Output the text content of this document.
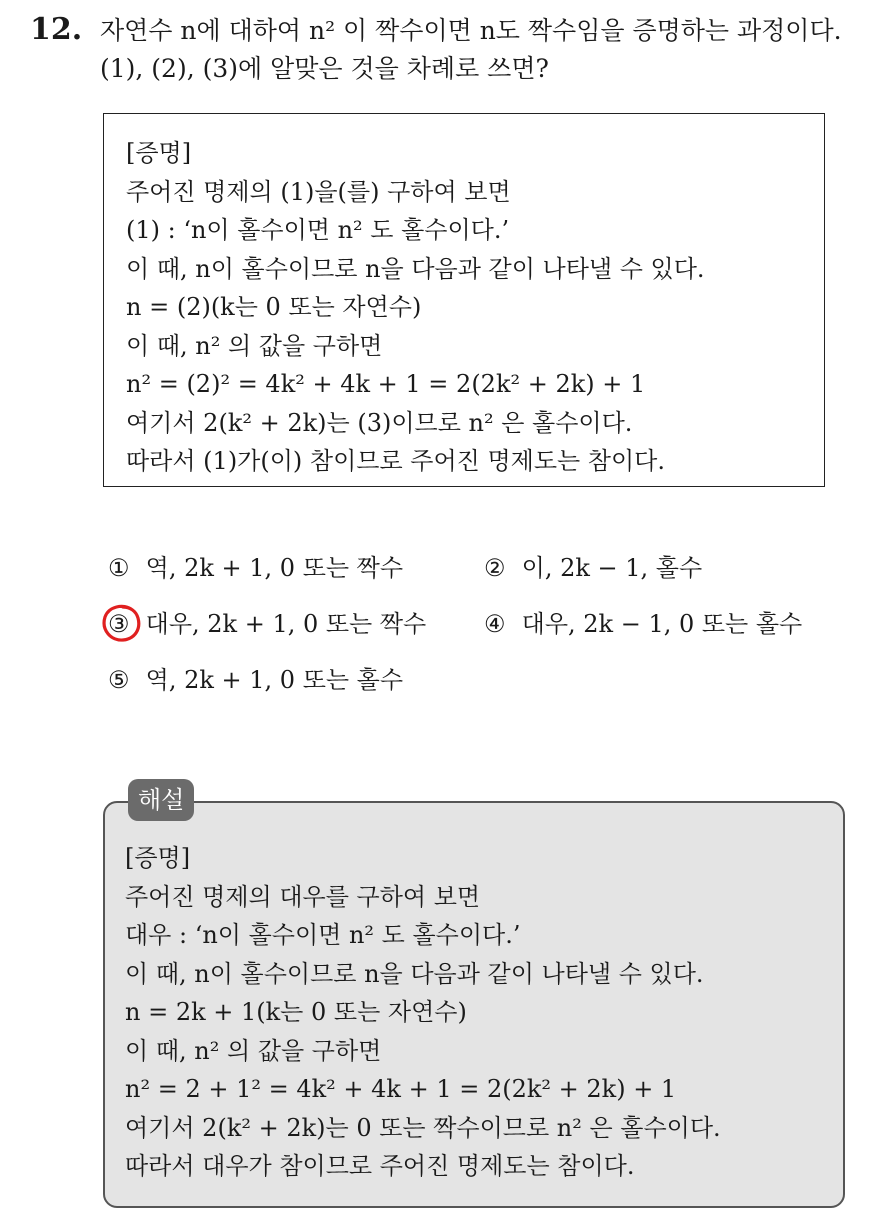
12. 자연수 n에 대하여 n² 이 짝수이면 n도 짝수임을 증명하는 과정이다.
(1), (2), (3)에 알맞은 것을 차례로 쓰면?
[증명]
주어진 명제의 (1)을(를) 구하여 보면
(1) : ‘n이 홀수이면 n² 도 홀수이다.’
이 때, n이 홀수이므로 n을 다음과 같이 나타낼 수 있다.
n = (2)(k는 0 또는 자연수)
이 때, n² 의 값을 구하면
n² = (2)² = 4k² + 4k + 1 = 2(2k² + 2k) + 1
여기서 2(k² + 2k)는 (3)이므로 n² 은 홀수이다.
따라서 (1)가(이) 참이므로 주어진 명제도는 참이다.
① 역, 2k + 1, 0 또는 짝수	② 이, 2k − 1, 홀수
③ 대우, 2k + 1, 0 또는 짝수 ④ 대우, 2k − 1, 0 또는 홀수
⑤ 역, 2k + 1, 0 또는 홀수
[증명]
주어진 명제의 대우를 구하여 보면
대우 : ‘n이 홀수이면 n² 도 홀수이다.’
이 때, n이 홀수이므로 n을 다음과 같이 나타낼 수 있다.
n = 2k + 1(k는 0 또는 자연수)
이 때, n² 의 값을 구하면
n² = 2 + 1² = 4k² + 4k + 1 = 2(2k² + 2k) + 1
여기서 2(k² + 2k)는 0 또는 짝수이므로 n² 은 홀수이다.
따라서 대우가 참이므로 주어진 명제도는 참이다.
해설
